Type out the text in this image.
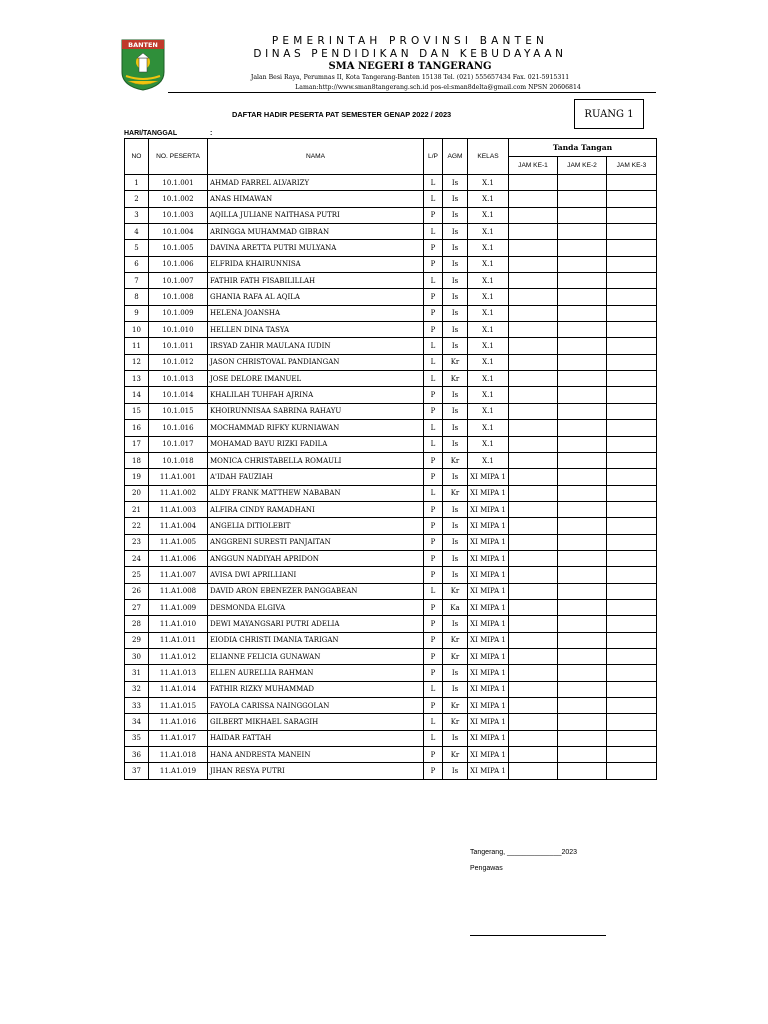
BANTEN	PEMERINTAH PROVINSI BANTEN
DINAS PENDIDIKAN DAN KEBUDAYAAN
SMA NEGERI 8 TANGERANG
Jalan Besi Raya, Perumnas II, Kota Tangerang-Banten 15138 Tel. (021) 555657434 Fax. 021-5915311
Laman:http://www.sman8tangerang.sch.id pos-el:sman8delta@gmail.com NPSN 20606814
DAFTAR HADIR PESERTA PAT SEMESTER GENAP 2022 / 2023	RUANG 1
HARI/TANGGAL	:
NO	NO. PESERTA	NAMA	L/P	AGM	KELAS	Tanda Tangan		
						JAM KE-1	JAM KE-2	JAM KE-3
1	10.1.001	AHMAD FARREL ALVARIZY	L	Is	X.1			
2	10.1.002	ANAS HIMAWAN	L	Is	X.1			
3	10.1.003	AQILLA JULIANE NAITHASA PUTRI	P	Is	X.1			
4	10.1.004	ARINGGA MUHAMMAD GIBRAN	L	Is	X.1			
5	10.1.005	DAVINA ARETTA PUTRI MULYANA	P	Is	X.1			
6	10.1.006	ELFRIDA KHAIRUNNISA	P	Is	X.1			
7	10.1.007	FATHIR FATH FISABILILLAH	L	Is	X.1			
8	10.1.008	GHANIA RAFA AL AQILA	P	Is	X.1			
9	10.1.009	HELENA JOANSHA	P	Is	X.1			
10	10.1.010	HELLEN DINA TASYA	P	Is	X.1			
11	10.1.011	IRSYAD ZAHIR MAULANA IUDIN	L	Is	X.1			
12	10.1.012	JASON CHRISTOVAL PANDIANGAN	L	Kr	X.1			
13	10.1.013	JOSE DELORE IMANUEL	L	Kr	X.1			
14	10.1.014	KHALILAH TUHFAH AJRINA	P	Is	X.1			
15	10.1.015	KHOIRUNNISAA SABRINA RAHAYU	P	Is	X.1			
16	10.1.016	MOCHAMMAD RIFKY KURNIAWAN	L	Is	X.1			
17	10.1.017	MOHAMAD BAYU RIZKI FADILA	L	Is	X.1			
18	10.1.018	MONICA CHRISTABELLA ROMAULI	P	Kr	X.1			
19	11.A1.001	A'IDAH FAUZIAH	P	Is	XI MIPA 1			
20	11.A1.002	ALDY FRANK MATTHEW NABABAN	L	Kr	XI MIPA 1			
21	11.A1.003	ALFIRA CINDY RAMADHANI	P	Is	XI MIPA 1			
22	11.A1.004	ANGELIA DITIOLEBIT	P	Is	XI MIPA 1			
23	11.A1.005	ANGGRENI SURESTI PANJAITAN	P	Is	XI MIPA 1			
24	11.A1.006	ANGGUN NADIYAH APRIDON	P	Is	XI MIPA 1			
25	11.A1.007	AVISA DWI APRILLIANI	P	Is	XI MIPA 1			
26	11.A1.008	DAVID ARON EBENEZER PANGGABEAN	L	Kr	XI MIPA 1			
27	11.A1.009	DESMONDA ELGIVA	P	Ka	XI MIPA 1			
28	11.A1.010	DEWI MAYANGSARI PUTRI ADELIA	P	Is	XI MIPA 1			
29	11.A1.011	EIODIA CHRISTI IMANIA TARIGAN	P	Kr	XI MIPA 1			
30	11.A1.012	ELIANNE FELICIA GUNAWAN	P	Kr	XI MIPA 1			
31	11.A1.013	ELLEN AURELLIA RAHMAN	P	Is	XI MIPA 1			
32	11.A1.014	FATHIR RIZKY MUHAMMAD	L	Is	XI MIPA 1			
33	11.A1.015	FAYOLA CARISSA NAINGGOLAN	P	Kr	XI MIPA 1			
34	11.A1.016	GILBERT MIKHAEL SARAGIH	L	Kr	XI MIPA 1			
35	11.A1.017	HAIDAR FATTAH	L	Is	XI MIPA 1			
36	11.A1.018	HANA ANDRESTA MANEIN	P	Kr	XI MIPA 1			
37	11.A1.019	JIHAN RESYA PUTRI	P	Is	XI MIPA 1			
Tangerang, ______________2023
Pengawas
